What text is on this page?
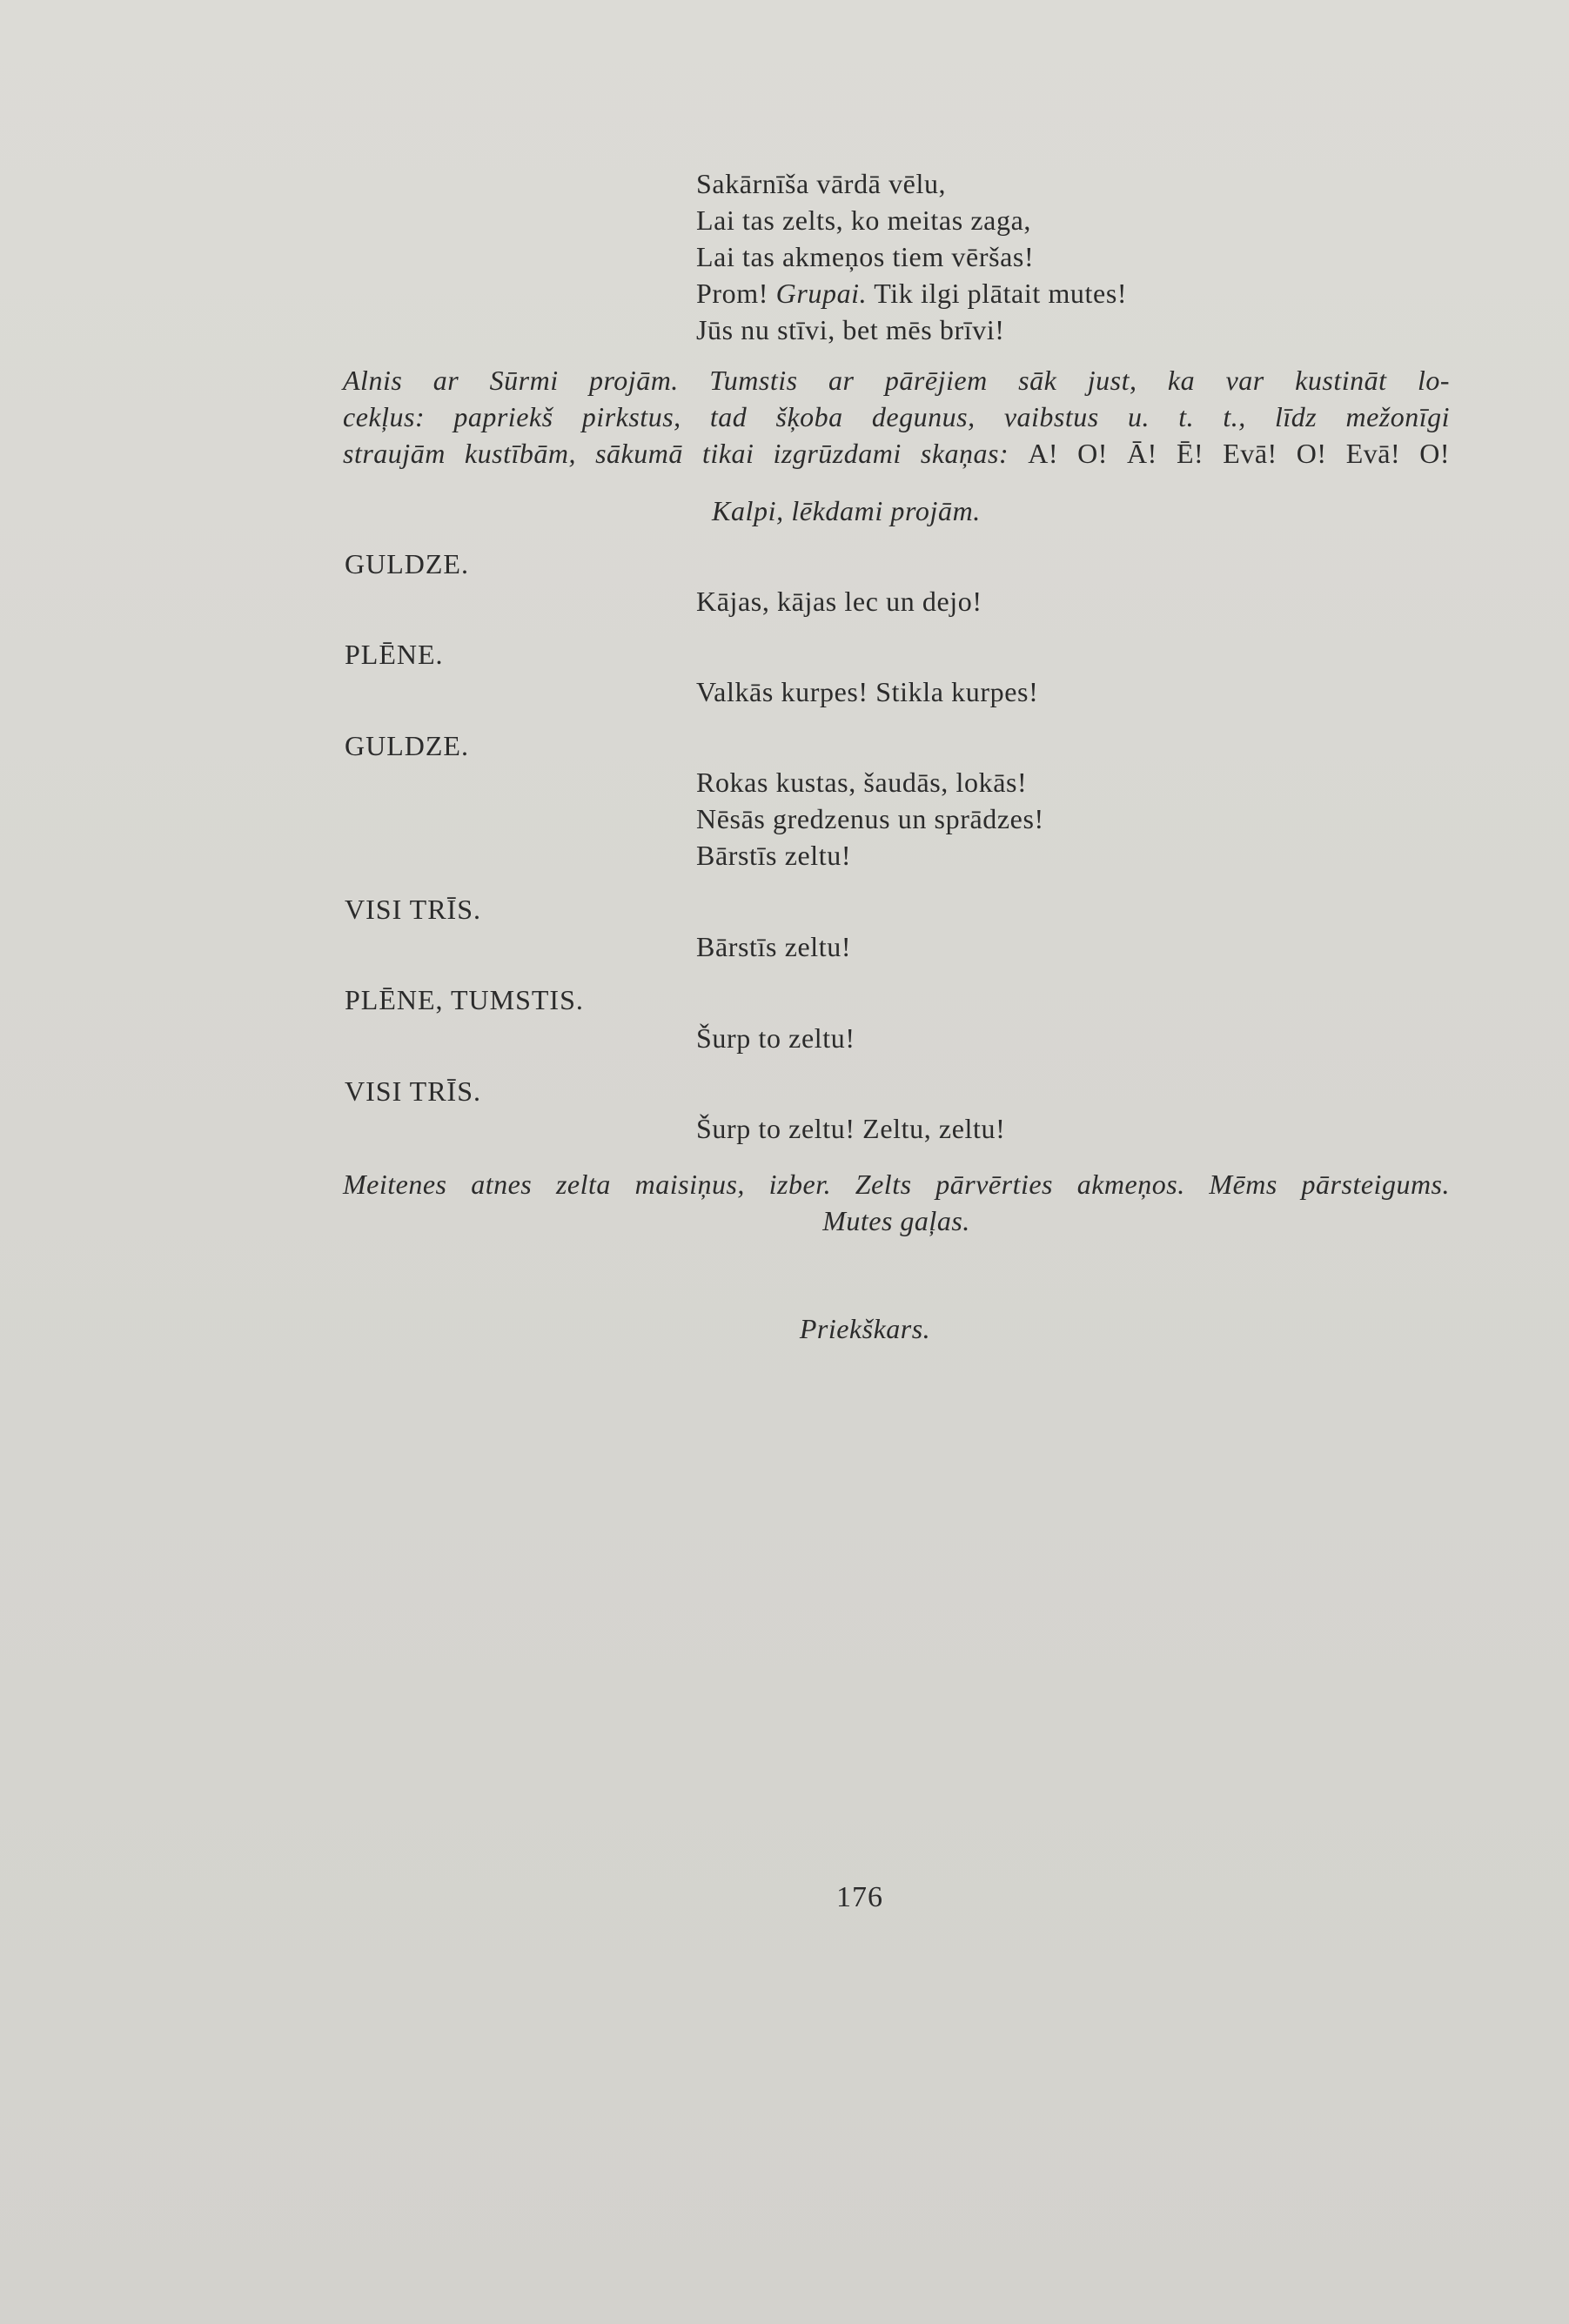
Sakārnīša vārdā vēlu,
Lai tas zelts, ko meitas zaga,
Lai tas akmeņos tiem vēršas!
Prom! Grupai. Tik ilgi plātait mutes!
Jūs nu stīvi, bet mēs brīvi!
Alnis ar Sūrmi projām. Tumstis ar pārējiem sāk just, ka var kustināt lo-
cekļus: papriekš pirkstus, tad šķoba degunus, vaibstus u. t. t., līdz mežonīgi
straujām kustībām, sākumā tikai izgrūzdami skaņas: A! O! Ā! Ē! Evā! O! Evā! O!
Kalpi, lēkdami projām.
GULDZE.
Kājas, kājas lec un dejo!
PLĒNE.
Valkās kurpes! Stikla kurpes!
GULDZE.
Rokas kustas, šaudās, lokās!
Nēsās gredzenus un sprādzes!
Bārstīs zeltu!
VISI TRĪS.
Bārstīs zeltu!
PLĒNE, TUMSTIS.
Šurp to zeltu!
VISI TRĪS.
Šurp to zeltu! Zeltu, zeltu!
Meitenes atnes zelta maisiņus, izber. Zelts pārvērties akmeņos. Mēms pārsteigums.
Mutes gaļas.
Priekškars.
176
